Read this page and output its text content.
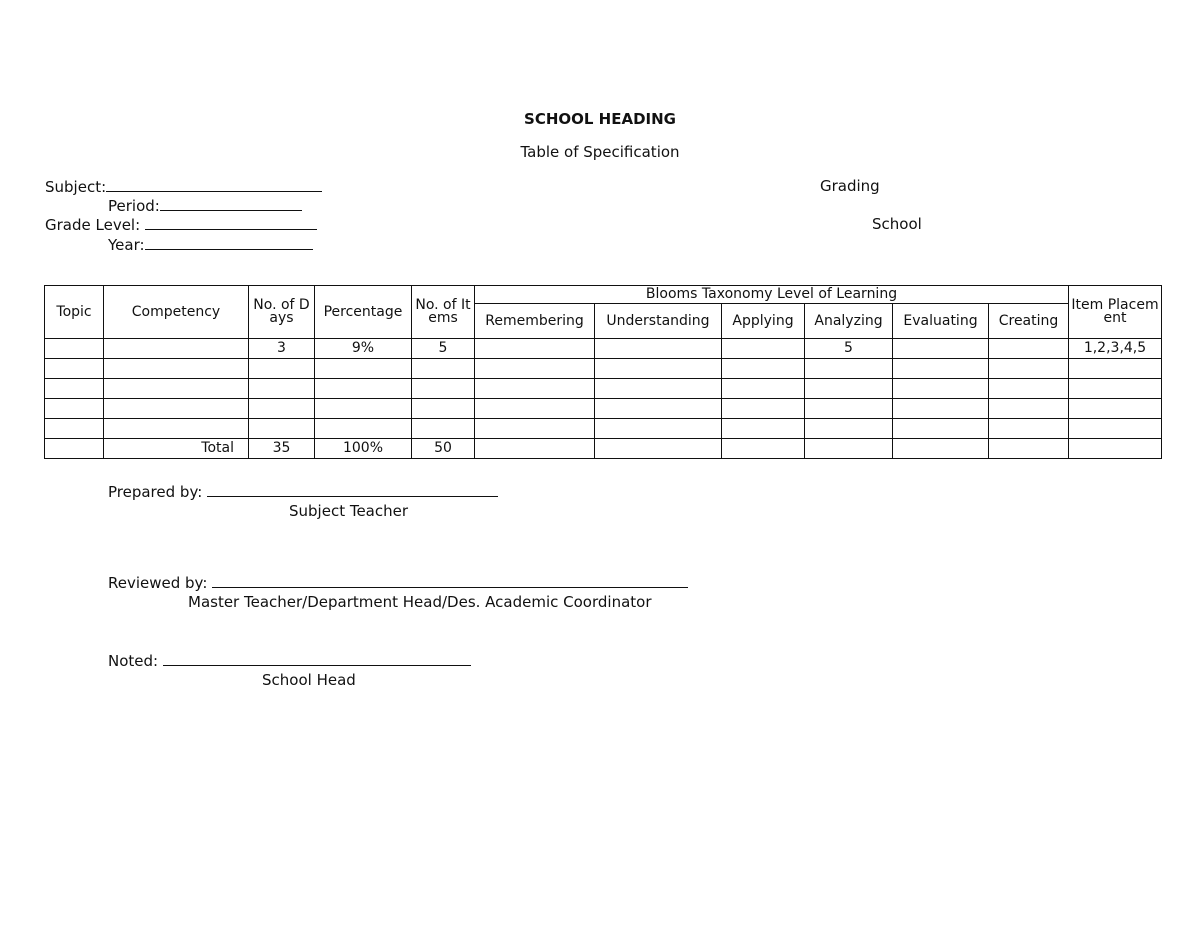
SCHOOL HEADING
Table of Specification
Subject:
Period:
Grading
Grade Level:
Year:
School
Topic	Competency	No. of Days	Percentage	No. of Items	Blooms Taxonomy Level of Learning						Item Placement
					Remembering	Understanding	Applying	Analyzing	Evaluating	Creating	
		3	9%	5				5			1,2,3,4,5

	Total	35	100%	50							
Prepared by:
Subject Teacher
Reviewed by:
Master Teacher/Department Head/Des. Academic Coordinator
Noted:
School Head
